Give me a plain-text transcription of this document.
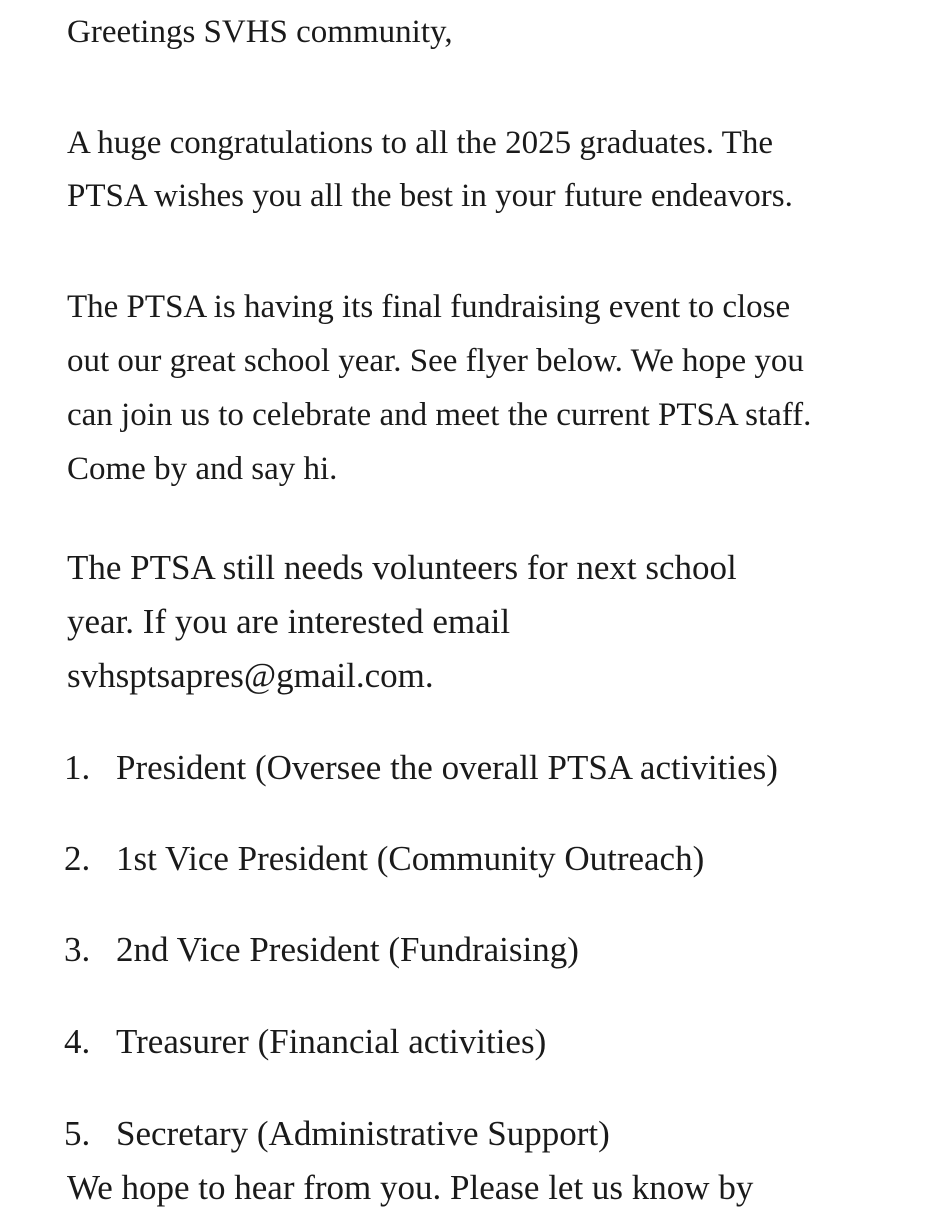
Greetings SVHS community,

A huge congratulations to all the 2025 graduates. The

PTSA wishes you all the best in your future endeavors.

The PTSA is having its final fundraising event to close

out our great school year. See flyer below. We hope you

can join us to celebrate and meet the current PTSA staff.

Come by and say hi.

The PTSA still needs volunteers for next school

year. If you are interested email

svhsptsapres@gmail.com.

1. President (Oversee the overall PTSA activities)
2. 1st Vice President (Community Outreach)
3. 2nd Vice President (Fundraising)
4. Treasurer (Financial activities)
5. Secretary (Administrative Support)

We hope to hear from you. Please let us know by
